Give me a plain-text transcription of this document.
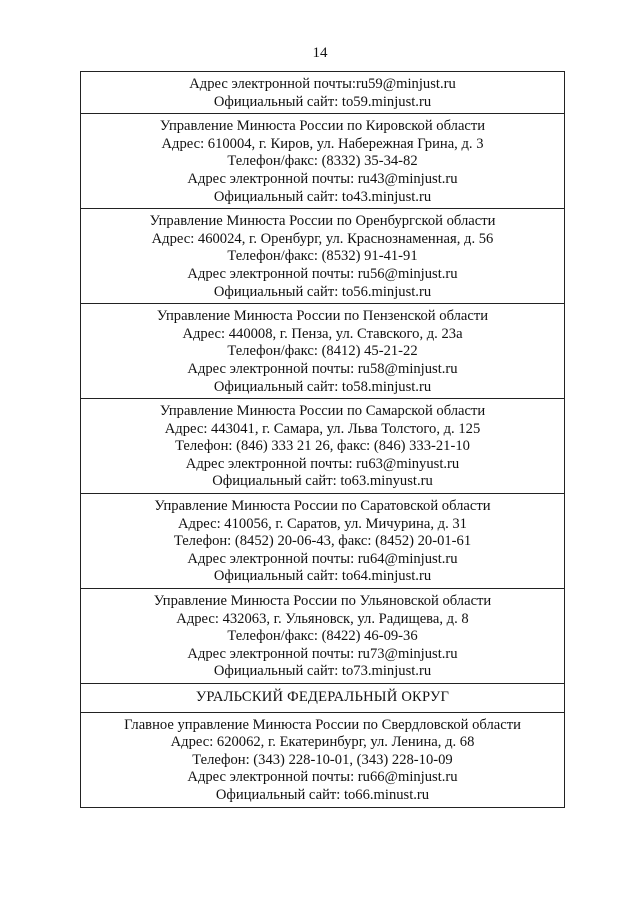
14
Адрес электронной почты:ru59@minjust.ru
Официальный сайт: to59.minjust.ru
Управление Минюста России по Кировской области
Адрес: 610004, г. Киров, ул. Набережная Грина, д. 3
Телефон/факс: (8332) 35-34-82
Адрес электронной почты: ru43@minjust.ru
Официальный сайт: to43.minjust.ru
Управление Минюста России по Оренбургской области
Адрес: 460024, г. Оренбург, ул. Краснознаменная, д. 56
Телефон/факс: (8532) 91-41-91
Адрес электронной почты: ru56@minjust.ru
Официальный сайт: to56.minjust.ru
Управление Минюста России по Пензенской области
Адрес: 440008, г. Пенза, ул. Ставского, д. 23а
Телефон/факс: (8412) 45-21-22
Адрес электронной почты: ru58@minjust.ru
Официальный сайт: to58.minjust.ru
Управление Минюста России по Самарской области
Адрес: 443041, г. Самара, ул. Льва Толстого, д. 125
Телефон: (846) 333 21 26, факс: (846) 333-21-10
Адрес электронной почты: ru63@minyust.ru
Официальный сайт: to63.minyust.ru
Управление Минюста России по Саратовской области
Адрес: 410056, г. Саратов, ул. Мичурина, д. 31
Телефон: (8452) 20-06-43, факс: (8452) 20-01-61
Адрес электронной почты: ru64@minjust.ru
Официальный сайт: to64.minjust.ru
Управление Минюста России по Ульяновской области
Адрес: 432063, г. Ульяновск, ул. Радищева, д. 8
Телефон/факс: (8422) 46-09-36
Адрес электронной почты: ru73@minjust.ru
Официальный сайт: to73.minjust.ru
УРАЛЬСКИЙ ФЕДЕРАЛЬНЫЙ ОКРУГ
Главное управление Минюста России по Свердловской области
Адрес: 620062, г. Екатеринбург, ул. Ленина, д. 68
Телефон: (343) 228-10-01, (343) 228-10-09
Адрес электронной почты: ru66@minjust.ru
Официальный сайт: to66.minust.ru
